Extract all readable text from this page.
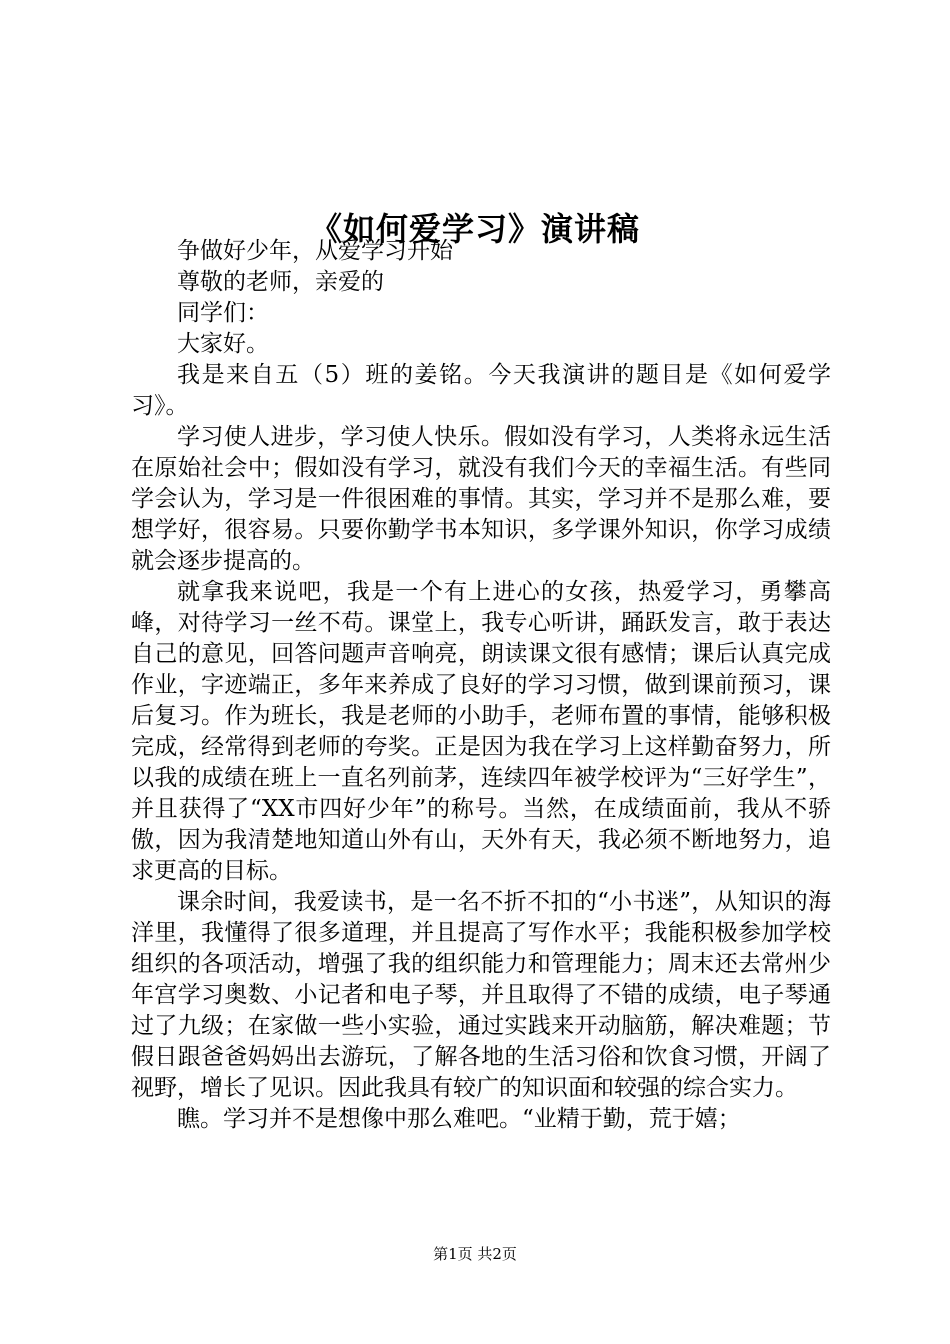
《如何爱学习》演讲稿

争做好少年，从爱学习开始

尊敬的老师，亲爱的

同学们：

大家好。

我是来自五（5）班的姜铭。今天我演讲的题目是《如何爱学习》。

学习使人进步，学习使人快乐。假如没有学习，人类将永远生活在原始社会中；假如没有学习，就没有我们今天的幸福生活。有些同学会认为，学习是一件很困难的事情。其实，学习并不是那么难，要想学好，很容易。只要你勤学书本知识，多学课外知识，你学习成绩就会逐步提高的。

就拿我来说吧，我是一个有上进心的女孩，热爱学习，勇攀高峰，对待学习一丝不苟。课堂上，我专心听讲，踊跃发言，敢于表达自己的意见，回答问题声音响亮，朗读课文很有感情；课后认真完成作业，字迹端正，多年来养成了良好的学习习惯，做到课前预习，课后复习。作为班长，我是老师的小助手，老师布置的事情，能够积极完成，经常得到老师的夸奖。正是因为我在学习上这样勤奋努力，所以我的成绩在班上一直名列前茅，连续四年被学校评为“三好学生”，并且获得了“XX市四好少年”的称号。当然，在成绩面前，我从不骄傲，因为我清楚地知道山外有山，天外有天，我必须不断地努力，追求更高的目标。

课余时间，我爱读书，是一名不折不扣的“小书迷”，从知识的海洋里，我懂得了很多道理，并且提高了写作水平；我能积极参加学校组织的各项活动，增强了我的组织能力和管理能力；周末还去常州少年宫学习奥数、小记者和电子琴，并且取得了不错的成绩，电子琴通过了九级；在家做一些小实验，通过实践来开动脑筋，解决难题；节假日跟爸爸妈妈出去游玩，了解各地的生活习俗和饮食习惯，开阔了视野，增长了见识。因此我具有较广的知识面和较强的综合实力。

瞧。学习并不是想像中那么难吧。“业精于勤，荒于嬉；

第1页 共2页
